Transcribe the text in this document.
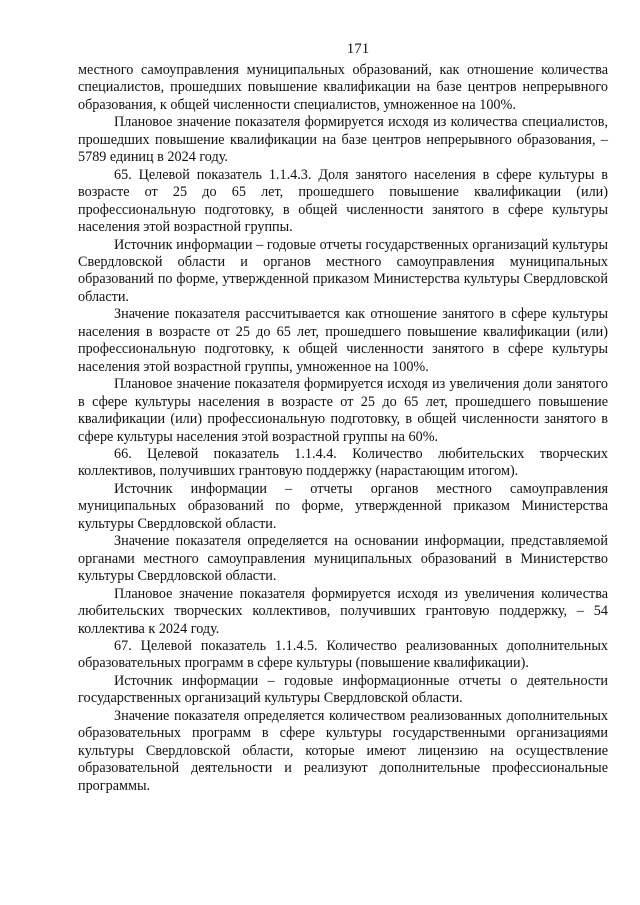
171

местного самоуправления муниципальных образований, как отношение количества специалистов, прошедших повышение квалификации на базе центров непрерывного образования, к общей численности специалистов, умноженное на 100%.

Плановое значение показателя формируется исходя из количества специалистов, прошедших повышение квалификации на базе центров непрерывного образования, – 5789 единиц в 2024 году.

65. Целевой показатель 1.1.4.3. Доля занятого населения в сфере культуры в возрасте от 25 до 65 лет, прошедшего повышение квалификации (или) профессиональную подготовку, в общей численности занятого в сфере культуры населения этой возрастной группы.

Источник информации – годовые отчеты государственных организаций культуры Свердловской области и органов местного самоуправления муниципальных образований по форме, утвержденной приказом Министерства культуры Свердловской области.

Значение показателя рассчитывается как отношение занятого в сфере культуры населения в возрасте от 25 до 65 лет, прошедшего повышение квалификации (или) профессиональную подготовку, к общей численности занятого в сфере культуры населения этой возрастной группы, умноженное на 100%.

Плановое значение показателя формируется исходя из увеличения доли занятого в сфере культуры населения в возрасте от 25 до 65 лет, прошедшего повышение квалификации (или) профессиональную подготовку, в общей численности занятого в сфере культуры населения этой возрастной группы на 60%.

66. Целевой показатель 1.1.4.4. Количество любительских творческих коллективов, получивших грантовую поддержку (нарастающим итогом).

Источник информации – отчеты органов местного самоуправления муниципальных образований по форме, утвержденной приказом Министерства культуры Свердловской области.

Значение показателя определяется на основании информации, представляемой органами местного самоуправления муниципальных образований в Министерство культуры Свердловской области.

Плановое значение показателя формируется исходя из увеличения количества любительских творческих коллективов, получивших грантовую поддержку, – 54 коллектива к 2024 году.

67. Целевой показатель 1.1.4.5. Количество реализованных дополнительных образовательных программ в сфере культуры (повышение квалификации).

Источник информации – годовые информационные отчеты о деятельности государственных организаций культуры Свердловской области.

Значение показателя определяется количеством реализованных дополнительных образовательных программ в сфере культуры государственными организациями культуры Свердловской области, которые имеют лицензию на осуществление образовательной деятельности и реализуют дополнительные профессиональные программы.
